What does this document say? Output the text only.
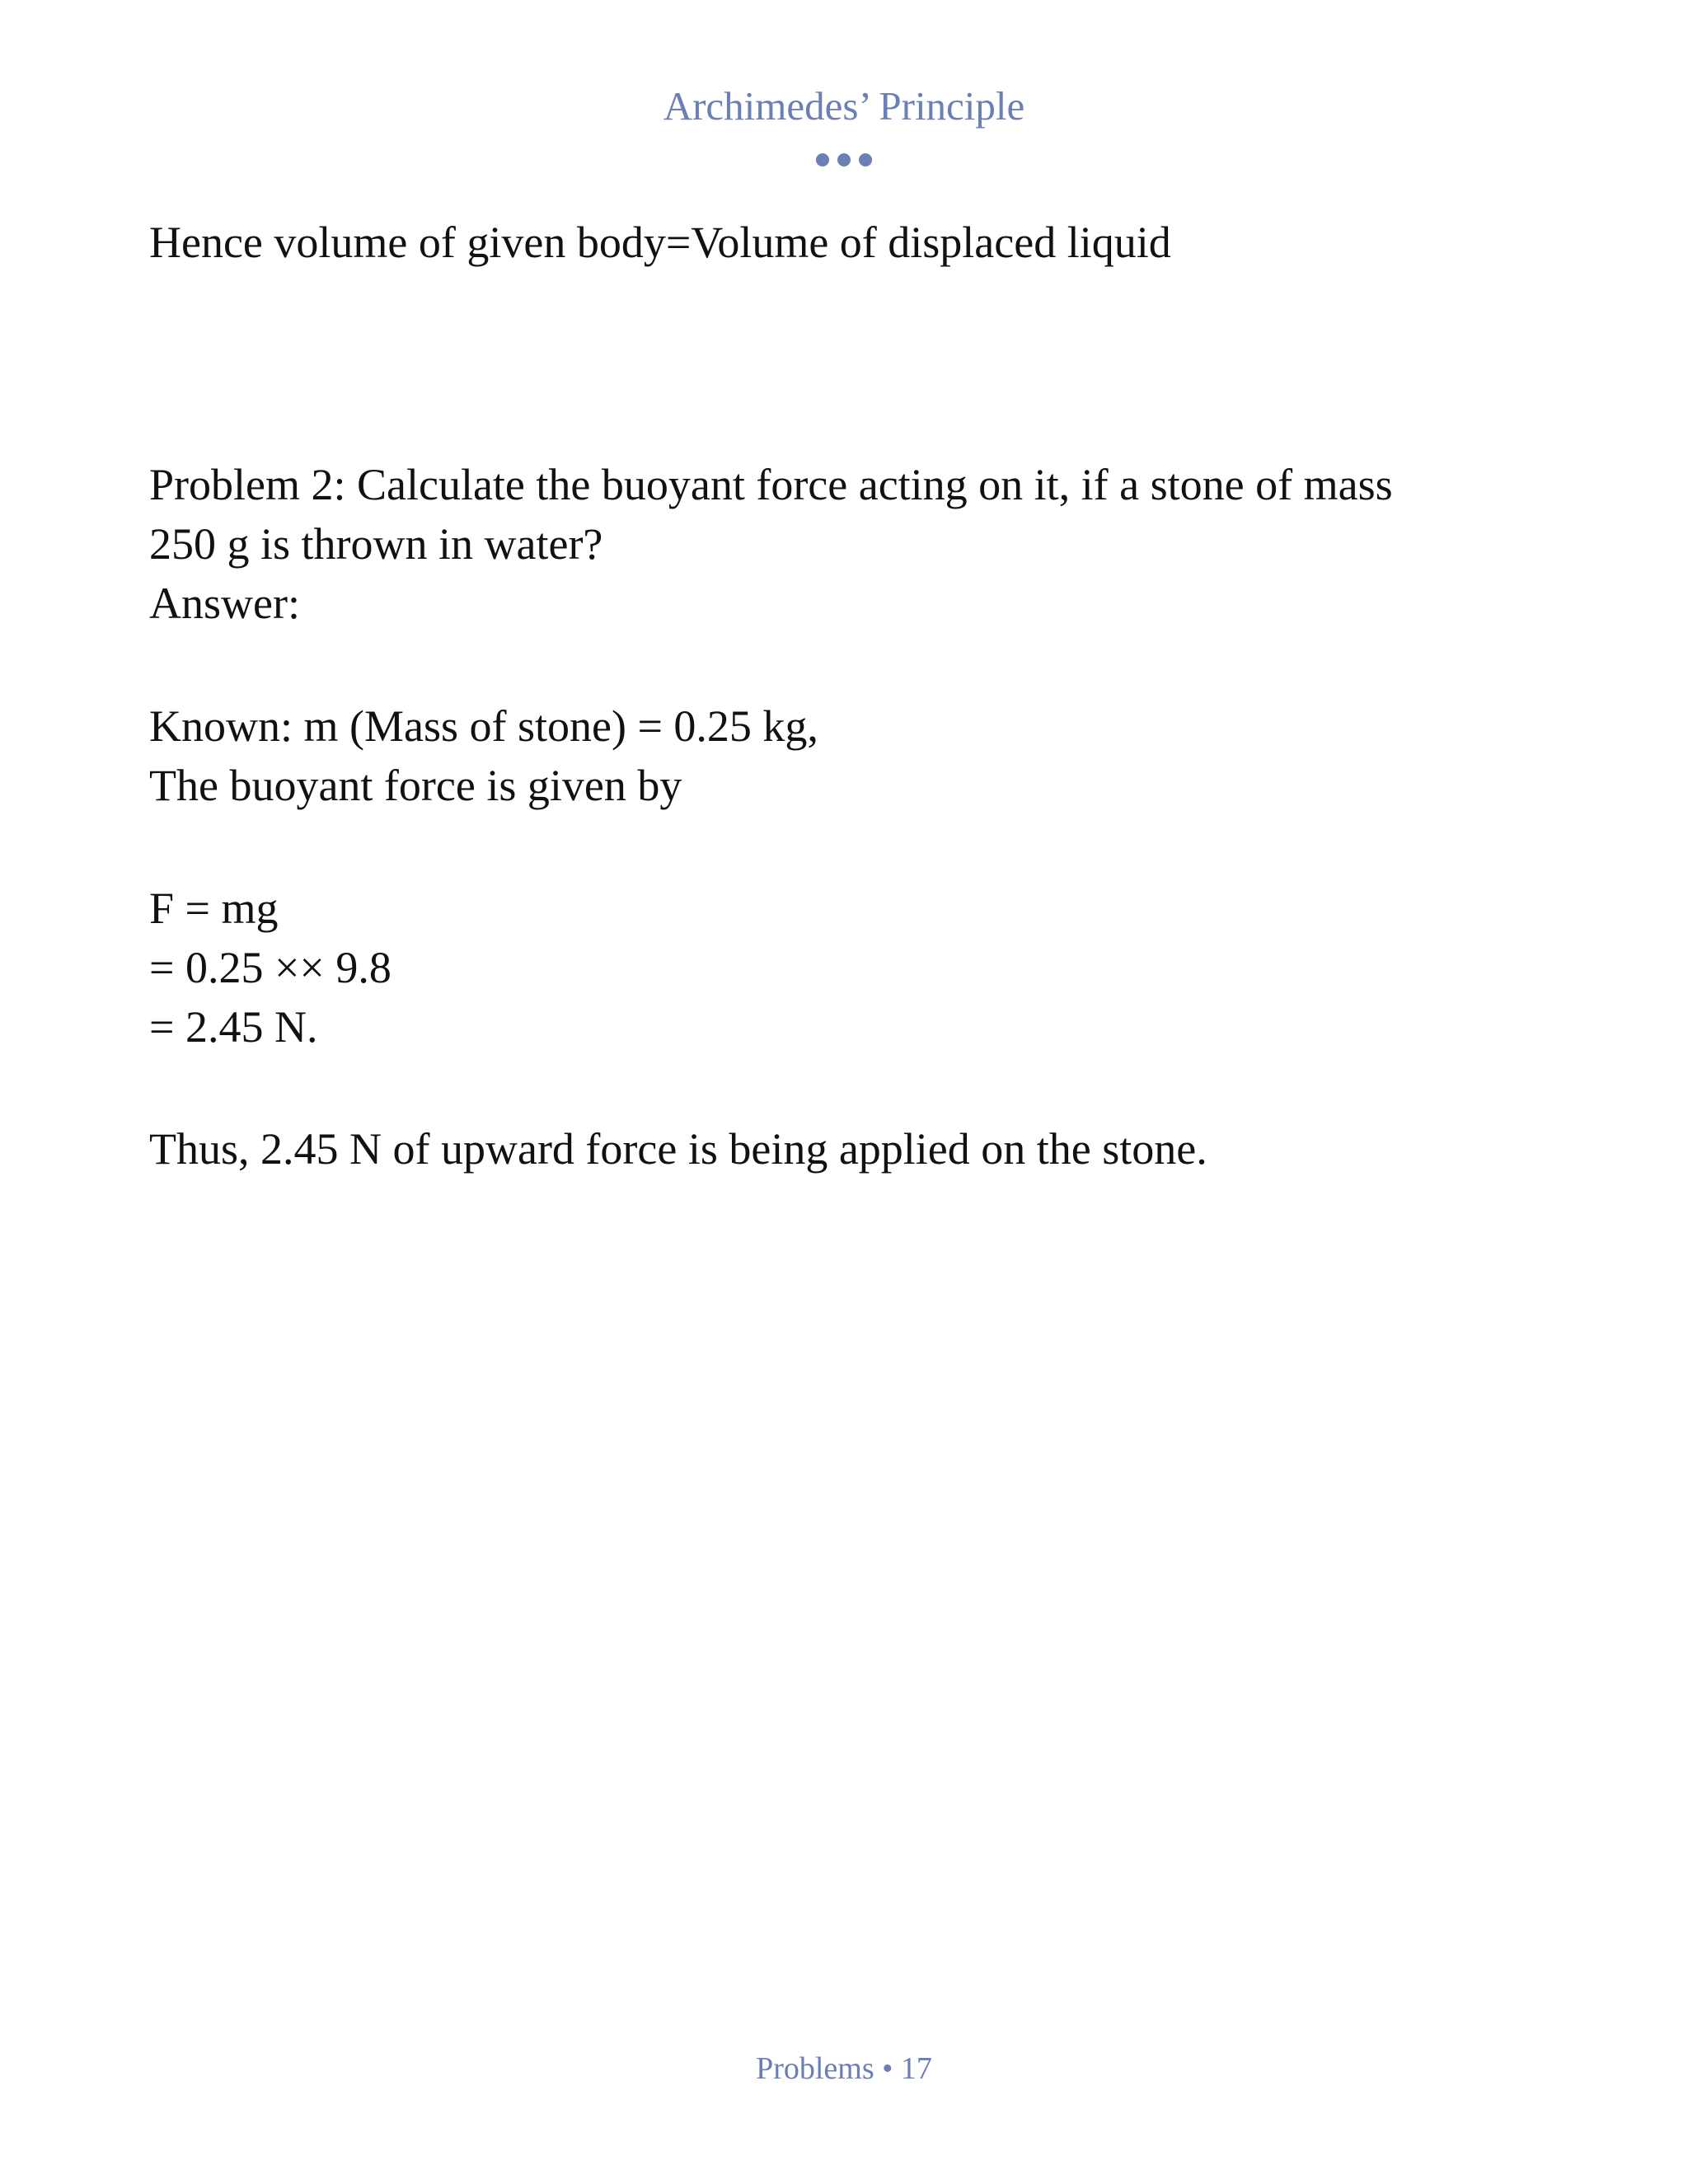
Archimedes’ Principle
Hence volume of given body=Volume of displaced liquid
Problem 2: Calculate the buoyant force acting on it, if a stone of mass
250 g is thrown in water?
Answer:
Known: m (Mass of stone) = 0.25 kg,
The buoyant force is given by
F = mg
= 0.25 ×× 9.8
= 2.45 N.
Thus, 2.45 N of upward force is being applied on the stone.
Problems • 17
